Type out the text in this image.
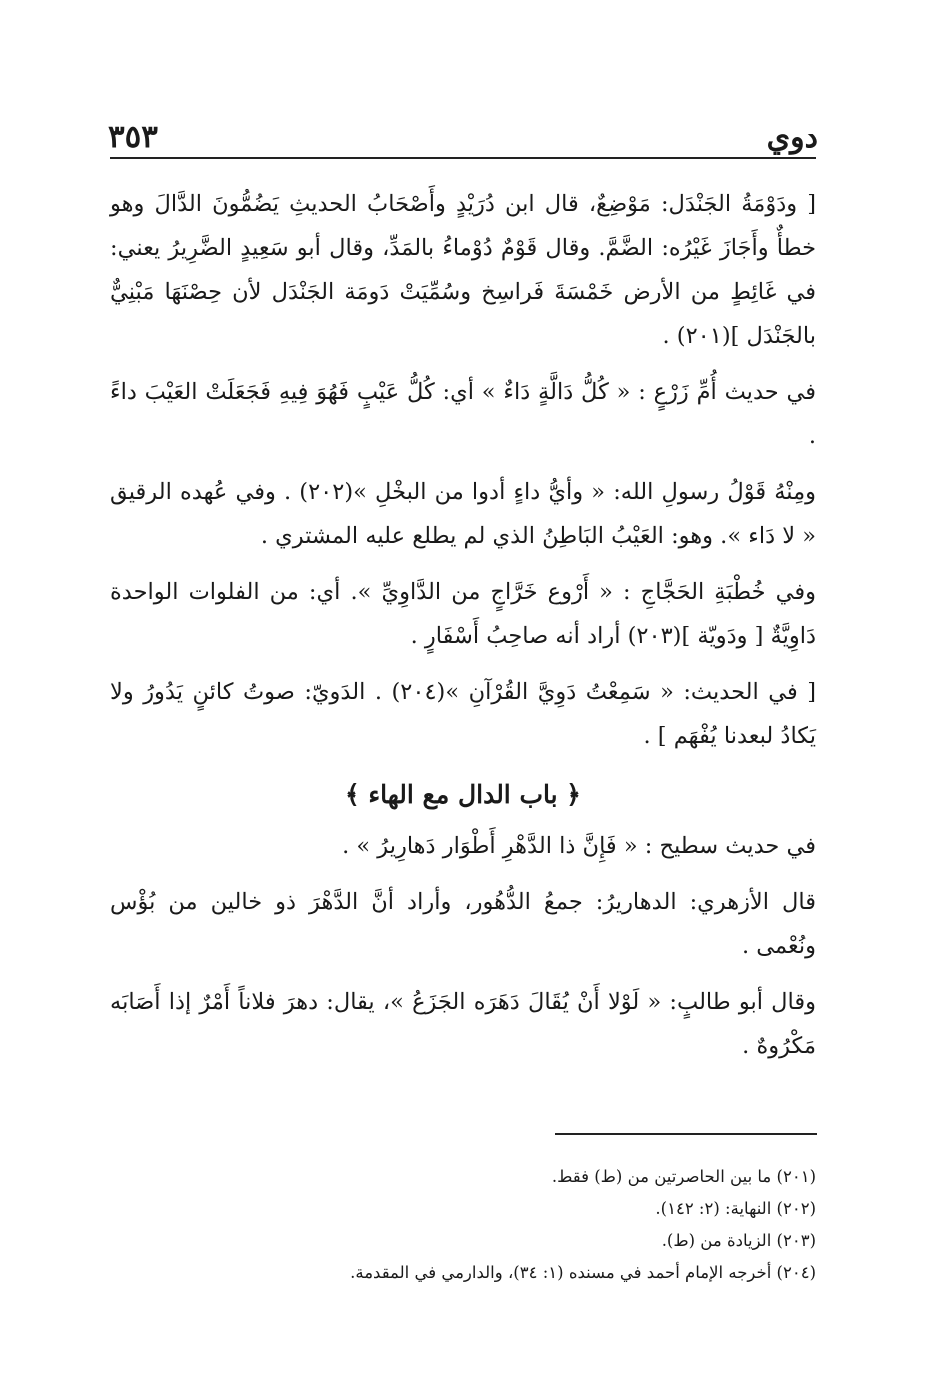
دوي
٣٥٣

[ ودَوْمَةُ الجَنْدَل: مَوْضِعٌ، قال ابن دُرَيْدٍ وأَصْحَابُ الحديثِ يَضُمُّونَ الدَّالَ وهو خطأٌ وأَجَازَ غَيْرُه: الضَّمَّ. وقال قَوْمٌ دُوْماءُ بالمَدِّ، وقال أبو سَعِيدٍ الضَّرِيرُ يعني: في غَائِطٍ من الأرض خَمْسَةَ فَراسِخ وسُمِّيَتْ دَومَة الجَنْدَل لأن حِصْنَهَا مَبْنِيٌّ بالجَنْدَل ](٢٠١) .

في حديث أُمِّ زَرْعٍ : « كُلُّ دَالَّةٍ دَاءٌ » أي: كُلُّ عَيْبٍ فَهُوَ فِيهِ فَجَعَلَتْ العَيْبَ داءً .

ومِنْهُ قَوْلُ رسولِ الله: « وأيُّ داءٍ أدوا من البخْلِ »(٢٠٢) . وفي عُهده الرقيق « لا دَاء ». وهو: العَيْبُ البَاطِنُ الذي لم يطلع عليه المشتري .

وفي خُطْبَةِ الحَجَّاجِ : « أَرْوع خَرَّاجٍ من الدَّاوِيِّ ». أي: من الفلوات الواحدة دَاوِيَّةٌ [ ودَويّة ](٢٠٣) أراد أنه صاحِبُ أَسْفَارٍ .

[ في الحديث: « سَمِعْتُ دَوِيَّ القُرْآنِ »(٢٠٤) . الدَويّ: صوتُ كائنٍ يَدُورُ ولا يَكادُ لبعدنا يُفْهَم ] .

﴿ باب الدال مع الهاء ﴾

في حديث سطيح : « فَإِنَّ ذا الدَّهْرِ أَطْوَار دَهارِيرُ » .

قال الأزهري: الدهاريرُ: جمعُ الدُّهُور، وأراد أنَّ الدَّهْرَ ذو خالين من بُؤْس ونُعْمى .

وقال أبو طالبٍ: « لَوْلا أَنْ يُقَالَ دَهَرَه الجَزَعُ »، يقال: دهرَ فلاناً أَمْرٌ إذا أَصَابَه مَكْرُوهٌ .

(٢٠١) ما بين الحاصرتين من (ط) فقط.

(٢٠٢) النهاية: (٢: ١٤٢).

(٢٠٣) الزيادة من (ط).

(٢٠٤) أخرجه الإمام أحمد في مسنده (١: ٣٤)، والدارمي في المقدمة.
